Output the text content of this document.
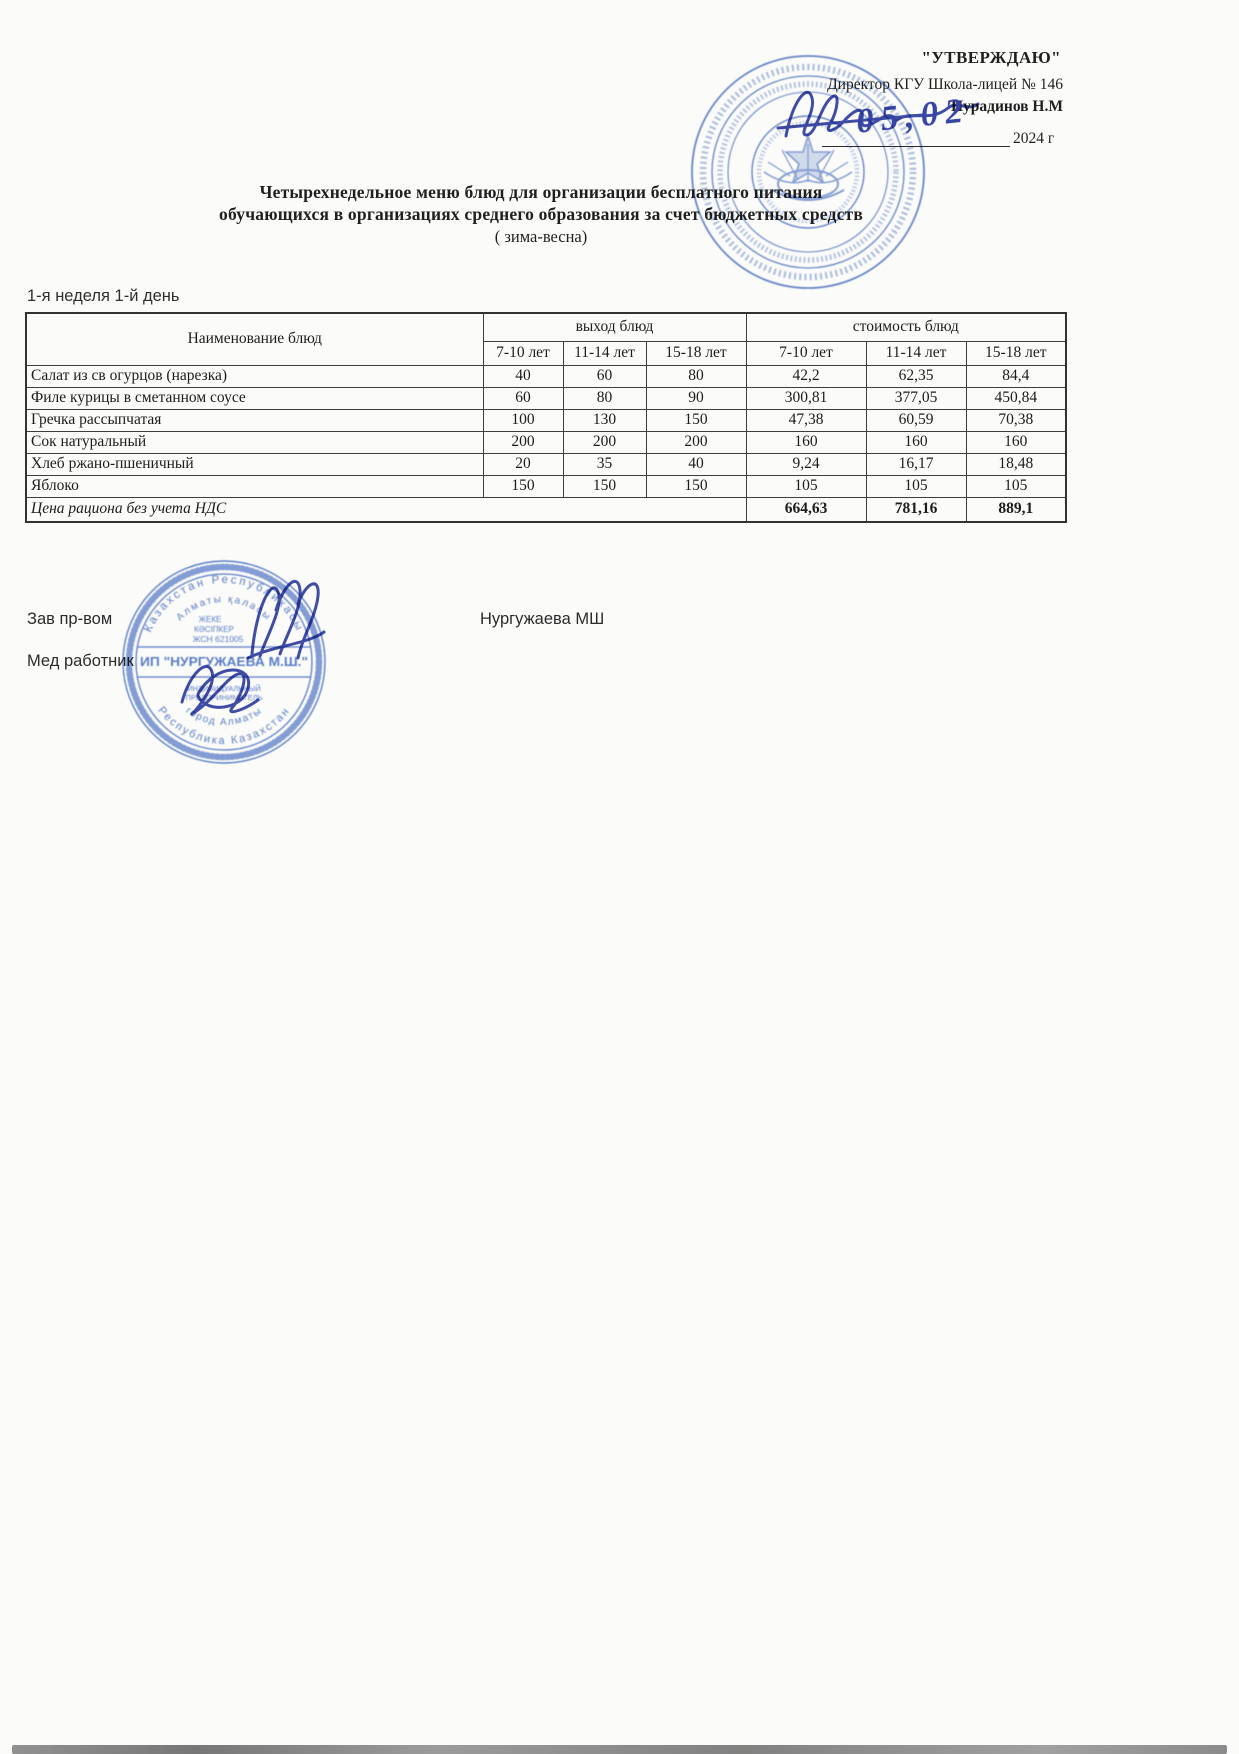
"УТВЕРЖДАЮ"
Директор КГУ Школа-лицей № 146
Нурадинов Н.М
05,02	2024 г
Четырехнедельное меню блюд для организации бесплатного питания
обучающихся в организациях среднего образования за счет бюджетных средств
( зима-весна)
1-я неделя 1-й день
Наименование блюд	выход блюд			стоимость блюд		
	7-10 лет	11-14 лет	15-18 лет	7-10 лет	11-14 лет	15-18 лет
Салат из св огурцов (нарезка)	40	60	80	42,2	62,35	84,4
Филе курицы в сметанном соусе	60	80	90	300,81	377,05	450,84
Гречка рассыпчатая	100	130	150	47,38	60,59	70,38
Сок натуральный	200	200	200	160	160	160
Хлеб ржано-пшеничный	20	35	40	9,24	16,17	18,48
Яблоко	150	150	150	105	105	105
Цена рациона без учета НДС				664,63	781,16	889,1
Зав пр-вом	Нургужаева МШ
Мед работник
Казахстан Республикасы
Алматы қаласы
Республика Казахстан
город Алматы
ИП "НУРГУЖАЕВА М.Ш."
ЖЕКЕ
КӘСІПКЕР
ЖСН 621005
ИНДИВИДУАЛЬНЫЙ
ПРЕДПРИНИМАТЕЛЬ
